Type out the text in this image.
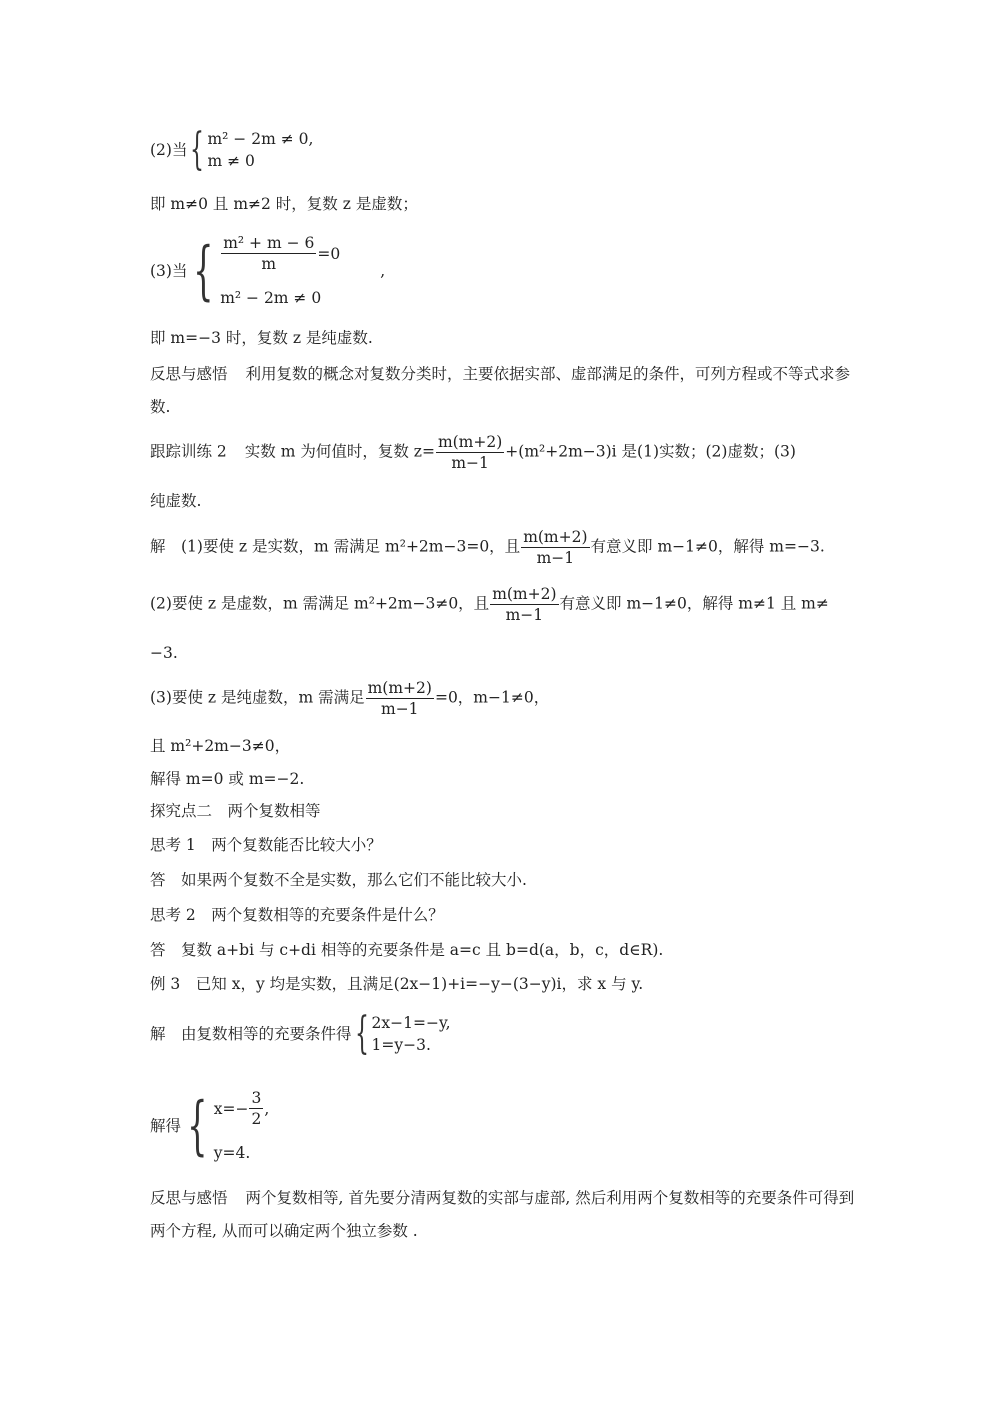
(2)当 { m² − 2m ≠ 0,
m ≠ 0
即 m≠0 且 m≠2 时，复数 z 是虚数；
(3)当 { $\frac{\text{m² + m − 6}}{m} =0$
m² − 2m ≠ 0
,
即 m=−3 时，复数 z 是纯虚数.
反思与感悟 利用复数的概念对复数分类时，主要依据实部、虚部满足的条件，可列方程或不等式求参数.
跟踪训练 2 实数 m 为何值时，复数 $z= \frac{m(m+2)}{m-1} +(m^2+2m-3)i$ 是(1)实数；(2)虚数；(3)
纯虚数.
解　(1)要使 z 是实数，m 需满足 m²+2m−3=0，且 $\frac{m(m+2)}{m-1}$ 有意义即 m−1≠0，解得 m=−3.
(2)要使 z 是虚数，m 需满足 m²+2m−3≠0，且 $\frac{m(m+2)}{m-1}$ 有意义即 m−1≠0，解得 m≠1 且 m≠
−3.
(3)要使 z 是纯虚数，m 需满足 $\frac{m(m+2)}{m-1} =0$，m−1≠0，
且 m²+2m−3≠0，
解得 m=0 或 m=−2.
探究点二　两个复数相等
思考 1　两个复数能否比较大小？
答　如果两个复数不全是实数，那么它们不能比较大小.
思考 2　两个复数相等的充要条件是什么？
答　复数 a+bi 与 c+di 相等的充要条件是 a=c 且 b=d(a，b，c，d∈R).
例 3　已知 x，y 均是实数，且满足(2x−1)+i=−y−(3−y)i，求 x 与 y.
解　由复数相等的充要条件得 { 2x−1=−y,
1=y−3.
解得 { $x=- \frac{3}{2}$ ,
y=4.
反思与感悟 两个复数相等, 首先要分清两复数的实部与虚部, 然后利用两个复数相等的充要条件可得到两个方程, 从而可以确定两个独立参数 .
